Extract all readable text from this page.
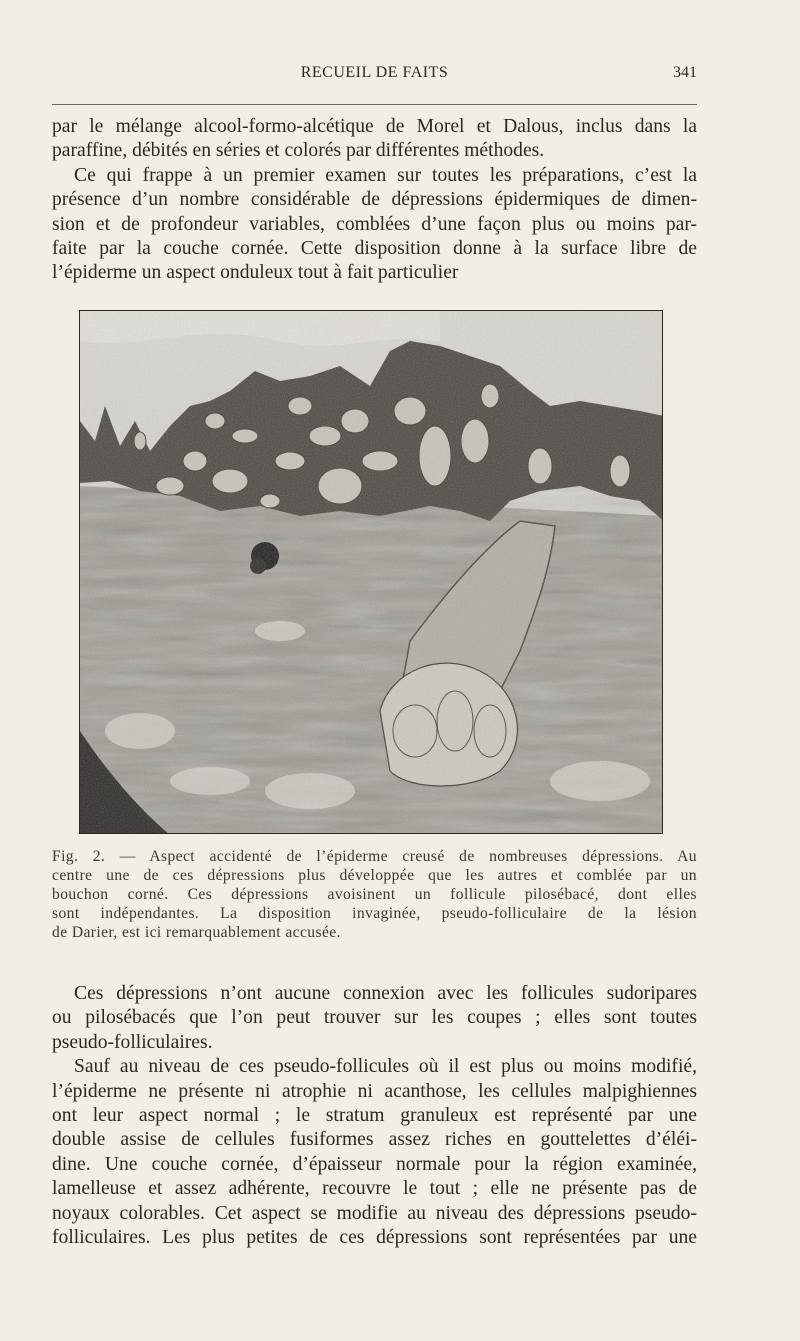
RECUEIL DE FAITS	341
par le mélange alcool-formo-alcétique de Morel et Dalous, inclus dans la
paraffine, débités en séries et colorés par différentes méthodes.
Ce qui frappe à un premier examen sur toutes les préparations, c’est la
présence d’un nombre considérable de dépressions épidermiques de dimen-
sion et de profondeur variables, comblées d’une façon plus ou moins par-
faite par la couche cornée. Cette disposition donne à la surface libre de
l’épiderme un aspect onduleux tout à fait particulier
Fig. 2. — Aspect accidenté de l’épiderme creusé de nombreuses dépressions. Au
centre une de ces dépressions plus développée que les autres et comblée par un
bouchon corné. Ces dépressions avoisinent un follicule pilosébacé, dont elles
sont indépendantes. La disposition invaginée, pseudo-folliculaire de la lésion
de Darier, est ici remarquablement accusée.
Ces dépressions n’ont aucune connexion avec les follicules sudoripares
ou pilosébacés que l’on peut trouver sur les coupes ; elles sont toutes
pseudo-folliculaires.
Sauf au niveau de ces pseudo-follicules où il est plus ou moins modifié,
l’épiderme ne présente ni atrophie ni acanthose, les cellules malpighiennes
ont leur aspect normal ; le stratum granuleux est représenté par une
double assise de cellules fusiformes assez riches en gouttelettes d’éléi-
dine. Une couche cornée, d’épaisseur normale pour la région examinée,
lamelleuse et assez adhérente, recouvre le tout ; elle ne présente pas de
noyaux colorables. Cet aspect se modifie au niveau des dépressions pseudo-
folliculaires. Les plus petites de ces dépressions sont représentées par une
